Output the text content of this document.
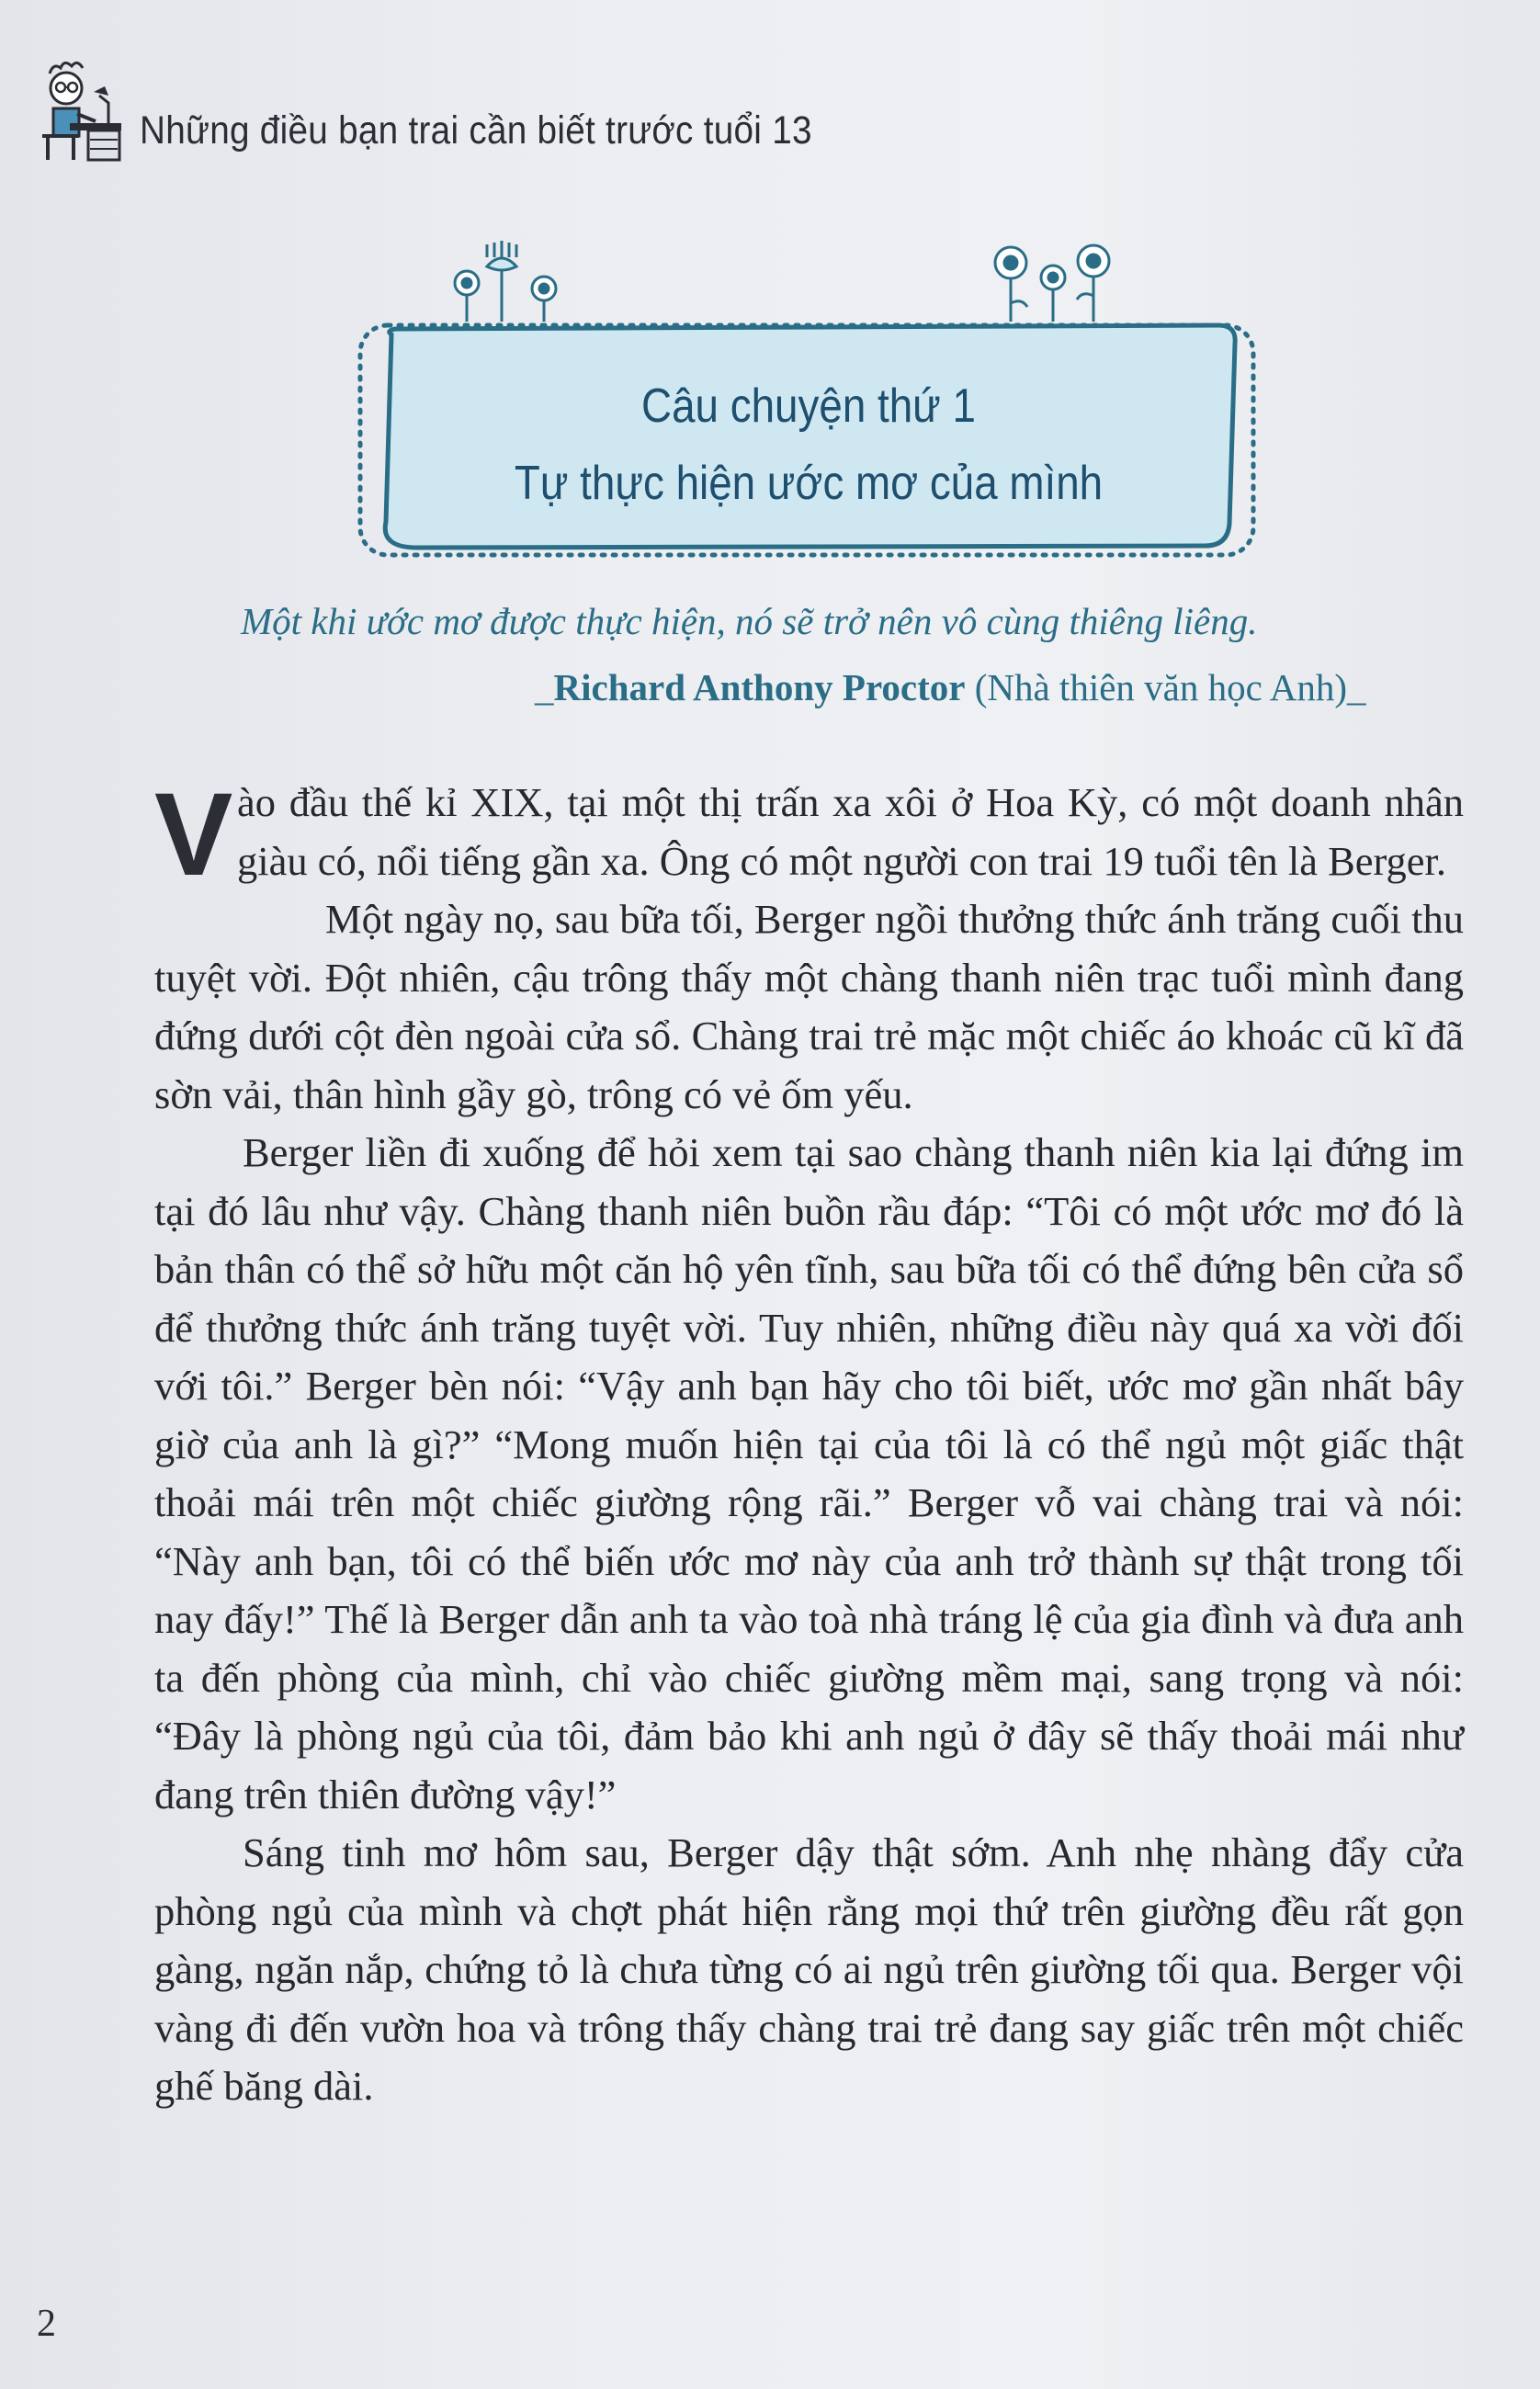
Những điều bạn trai cần biết trước tuổi 13
Câu chuyện thứ 1
Tự thực hiện ước mơ của mình
Một khi ước mơ được thực hiện, nó sẽ trở nên vô cùng thiêng liêng.
_Richard Anthony Proctor (Nhà thiên văn học Anh)_

Vào đầu thế kỉ XIX, tại một thị trấn xa xôi ở Hoa Kỳ, có một doanh nhân giàu có, nổi tiếng gần xa. Ông có một người con trai 19 tuổi tên là Berger.

Một ngày nọ, sau bữa tối, Berger ngồi thưởng thức ánh trăng cuối thu tuyệt vời. Đột nhiên, cậu trông thấy một chàng thanh niên trạc tuổi mình đang đứng dưới cột đèn ngoài cửa sổ. Chàng trai trẻ mặc một chiếc áo khoác cũ kĩ đã sờn vải, thân hình gầy gò, trông có vẻ ốm yếu.

Berger liền đi xuống để hỏi xem tại sao chàng thanh niên kia lại đứng im tại đó lâu như vậy. Chàng thanh niên buồn rầu đáp: “Tôi có một ước mơ đó là bản thân có thể sở hữu một căn hộ yên tĩnh, sau bữa tối có thể đứng bên cửa sổ để thưởng thức ánh trăng tuyệt vời. Tuy nhiên, những điều này quá xa vời đối với tôi.” Berger bèn nói: “Vậy anh bạn hãy cho tôi biết, ước mơ gần nhất bây giờ của anh là gì?” “Mong muốn hiện tại của tôi là có thể ngủ một giấc thật thoải mái trên một chiếc giường rộng rãi.” Berger vỗ vai chàng trai và nói: “Này anh bạn, tôi có thể biến ước mơ này của anh trở thành sự thật trong tối nay đấy!” Thế là Berger dẫn anh ta vào toà nhà tráng lệ của gia đình và đưa anh ta đến phòng của mình, chỉ vào chiếc giường mềm mại, sang trọng và nói: “Đây là phòng ngủ của tôi, đảm bảo khi anh ngủ ở đây sẽ thấy thoải mái như đang trên thiên đường vậy!”

Sáng tinh mơ hôm sau, Berger dậy thật sớm. Anh nhẹ nhàng đẩy cửa phòng ngủ của mình và chợt phát hiện rằng mọi thứ trên giường đều rất gọn gàng, ngăn nắp, chứng tỏ là chưa từng có ai ngủ trên giường tối qua. Berger vội vàng đi đến vườn hoa và trông thấy chàng trai trẻ đang say giấc trên một chiếc ghế băng dài.

2
